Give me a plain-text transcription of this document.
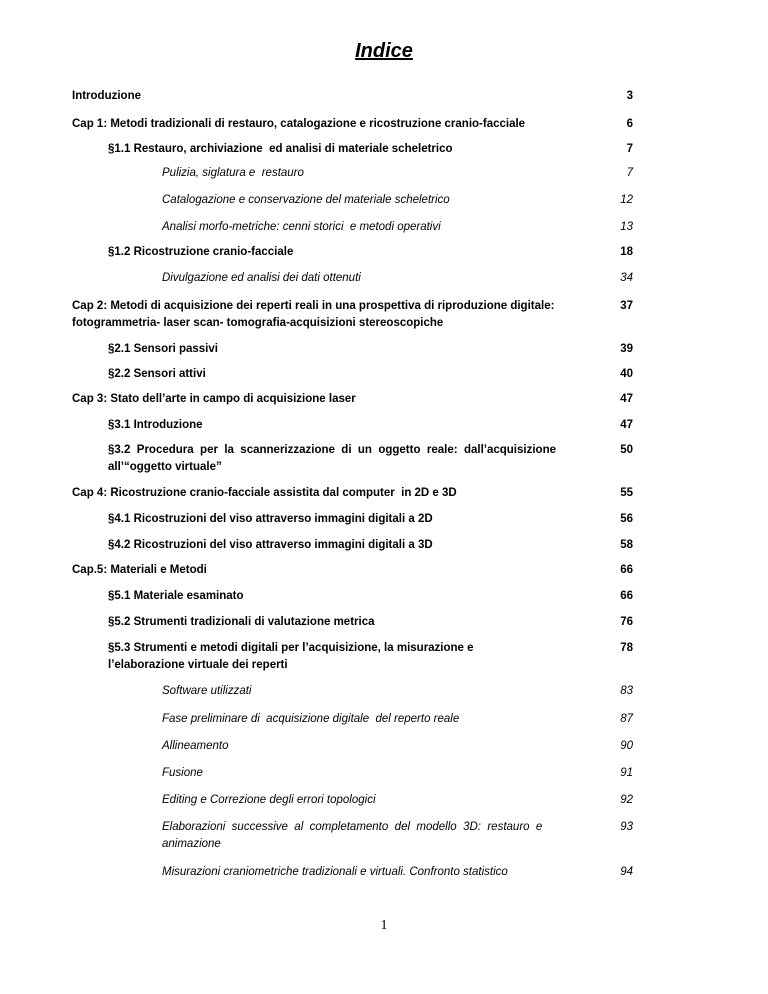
Indice
Introduzione	3
Cap 1: Metodi tradizionali di restauro, catalogazione e ricostruzione cranio-facciale	6
§1.1 Restauro, archiviazione  ed analisi di materiale scheletrico	7
Pulizia, siglatura e  restauro	7
Catalogazione e conservazione del materiale scheletrico	12
Analisi morfo-metriche: cenni storici  e metodi operativi	13
§1.2 Ricostruzione cranio-facciale	18
Divulgazione ed analisi dei dati ottenuti	34
Cap 2: Metodi di acquisizione dei reperti reali in una prospettiva di riproduzione digitale:
fotogrammetria- laser scan- tomografia-acquisizioni stereoscopiche
37
§2.1 Sensori passivi	39
§2.2 Sensori attivi	40
Cap 3: Stato dell’arte in campo di acquisizione laser	47
§3.1 Introduzione	47
§3.2  Procedura  per  la  scannerizzazione  di  un  oggetto  reale:  dall’acquisizione
all’“oggetto virtuale”
50
Cap 4: Ricostruzione cranio-facciale assistita dal computer  in 2D e 3D	55
§4.1 Ricostruzioni del viso attraverso immagini digitali a 2D	56
§4.2 Ricostruzioni del viso attraverso immagini digitali a 3D	58
Cap.5: Materiali e Metodi	66
§5.1 Materiale esaminato	66
§5.2 Strumenti tradizionali di valutazione metrica	76
§5.3 Strumenti e metodi digitali per l’acquisizione, la misurazione e
l’elaborazione virtuale dei reperti
78
Software utilizzati	83
Fase preliminare di  acquisizione digitale  del reperto reale	87
Allineamento	90
Fusione	91
Editing e Correzione degli errori topologici	92
Elaborazioni  successive  al  completamento  del  modello  3D:  restauro  e
animazione
93
Misurazioni craniometriche tradizionali e virtuali. Confronto statistico	94
1
